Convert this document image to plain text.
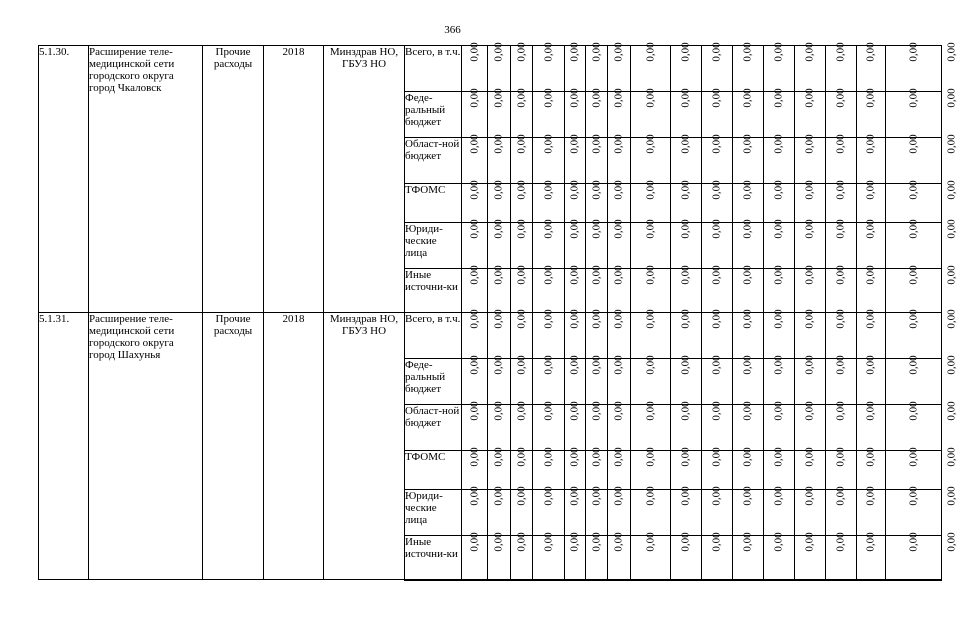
366
5.1.30.	Расширение теле-медицинской сети городского округа город Чкаловск	Прочие расходы	2018	Минздрав НО, ГБУЗ НО	Всего, в т.ч.	0,00	0,00	0,00	0,00	0,00	0,00	0,00	0,00	0,00	0,00	0,00	0,00	0,00	0,00	0,00	0,00	0,00
					Феде-ральный бюджет	0,00	0,00	0,00	0,00	0,00	0,00	0,00	0,00	0,00	0,00	0,00	0,00	0,00	0,00	0,00	0,00	0,00
					Област-ной бюджет	0,00	0,00	0,00	0,00	0,00	0,00	0,00	0,00	0,00	0,00	0,00	0,00	0,00	0,00	0,00	0,00	0,00
					ТФОМС	0,00	0,00	0,00	0,00	0,00	0,00	0,00	0,00	0,00	0,00	0,00	0,00	0,00	0,00	0,00	0,00	0,00
					Юриди-ческие лица	0,00	0,00	0,00	0,00	0,00	0,00	0,00	0,00	0,00	0,00	0,00	0,00	0,00	0,00	0,00	0,00	0,00
					Иные источни-ки	0,00	0,00	0,00	0,00	0,00	0,00	0,00	0,00	0,00	0,00	0,00	0,00	0,00	0,00	0,00	0,00	0,00
5.1.31.	Расширение теле-медицинской сети городского округа город Шахунья	Прочие расходы	2018	Минздрав НО, ГБУЗ НО	Всего, в т.ч.	0,00	0,00	0,00	0,00	0,00	0,00	0,00	0,00	0,00	0,00	0,00	0,00	0,00	0,00	0,00	0,00	0,00
					Феде-ральный бюджет	0,00	0,00	0,00	0,00	0,00	0,00	0,00	0,00	0,00	0,00	0,00	0,00	0,00	0,00	0,00	0,00	0,00
					Област-ной бюджет	0,00	0,00	0,00	0,00	0,00	0,00	0,00	0,00	0,00	0,00	0,00	0,00	0,00	0,00	0,00	0,00	0,00
					ТФОМС	0,00	0,00	0,00	0,00	0,00	0,00	0,00	0,00	0,00	0,00	0,00	0,00	0,00	0,00	0,00	0,00	0,00
					Юриди-ческие лица	0,00	0,00	0,00	0,00	0,00	0,00	0,00	0,00	0,00	0,00	0,00	0,00	0,00	0,00	0,00	0,00	0,00
					Иные источни-ки	0,00	0,00	0,00	0,00	0,00	0,00	0,00	0,00	0,00	0,00	0,00	0,00	0,00	0,00	0,00	0,00	0,00
